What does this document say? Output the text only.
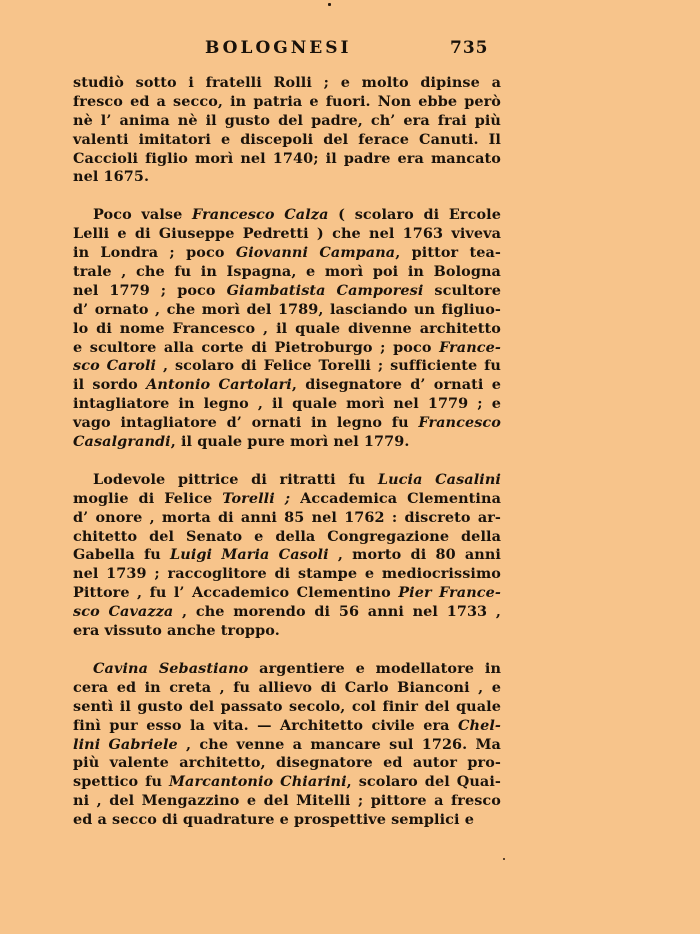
BOLOGNESI	735
studiò sotto i fratelli Rolli ; e molto dipinse a
fresco ed a secco, in patria e fuori. Non ebbe però
nè l’ anima nè il gusto del padre, ch’ era frai più
valenti imitatori e discepoli del ferace Canuti. Il
Caccioli figlio morì nel 1740; il padre era mancato
nel 1675.
Poco valse Francesco Calza ( scolaro di Ercole
Lelli e di Giuseppe Pedretti ) che nel 1763 viveva
in Londra ; poco Giovanni Campana, pittor tea-
trale , che fu in Ispagna, e morì poi in Bologna
nel 1779 ; poco Giambatista Camporesi scultore
d’ ornato , che morì del 1789, lasciando un figliuo-
lo di nome Francesco , il quale divenne architetto
e scultore alla corte di Pietroburgo ; poco France-
sco Caroli , scolaro di Felice Torelli ; sufficiente fu
il sordo Antonio Cartolari, disegnatore d’ ornati e
intagliatore in legno , il quale morì nel 1779 ; e
vago intagliatore d’ ornati in legno fu Francesco
Casalgrandi, il quale pure morì nel 1779.
Lodevole pittrice di ritratti fu Lucia Casalini
moglie di Felice Torelli ; Accademica Clementina
d’ onore , morta di anni 85 nel 1762 : discreto ar-
chitetto del Senato e della Congregazione della
Gabella fu Luigi Maria Casoli , morto di 80 anni
nel 1739 ; raccoglitore di stampe e mediocrissimo
Pittore , fu l’ Accademico Clementino Pier France-
sco Cavazza , che morendo di 56 anni nel 1733 ,
era vissuto anche troppo.
Cavina Sebastiano argentiere e modellatore in
cera ed in creta , fu allievo di Carlo Bianconi , e
sentì il gusto del passato secolo, col finir del quale
finì pur esso la vita. — Architetto civile era Chel-
lini Gabriele , che venne a mancare sul 1726. Ma
più valente architetto, disegnatore ed autor pro-
spettico fu Marcantonio Chiarini, scolaro del Quai-
ni , del Mengazzino e del Mitelli ; pittore a fresco
ed a secco di quadrature e prospettive semplici e
